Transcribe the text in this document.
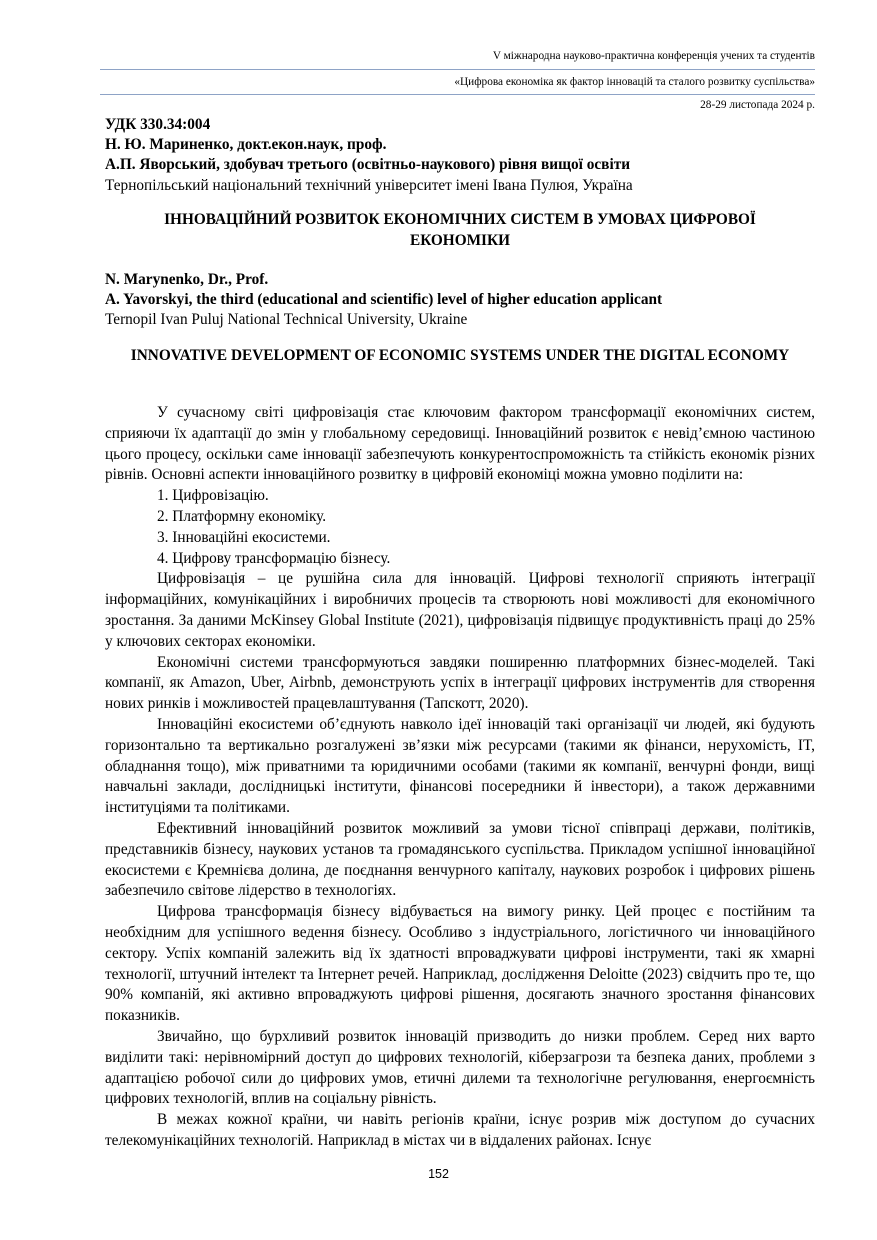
V міжнародна науково-практична конференція учених та студентів
«Цифрова економіка як фактор інновацій та сталого розвитку суспільства»
28-29 листопада 2024 р.
УДК 330.34:004
Н. Ю. Мариненко, докт.екон.наук, проф.
А.П. Яворський, здобувач третього (освітньо-наукового) рівня вищої освіти
Тернопільський національний технічний університет імені Івана Пулюя, Україна
ІННОВАЦІЙНИЙ РОЗВИТОК ЕКОНОМІЧНИХ СИСТЕМ В УМОВАХ ЦИФРОВОЇ ЕКОНОМІКИ
N. Marynenko, Dr., Prof.
A. Yavorskyi, the third (educational and scientific) level of higher education applicant
Ternopil Ivan Puluj National Technical University, Ukraine
INNOVATIVE DEVELOPMENT OF ECONOMIC SYSTEMS UNDER THE DIGITAL ECONOMY

У сучасному світі цифровізація стає ключовим фактором трансформації економічних систем, сприяючи їх адаптації до змін у глобальному середовищі. Інноваційний розвиток є невід’ємною частиною цього процесу, оскільки саме інновації забезпечують конкурентоспроможність та стійкість економік різних рівнів. Основні аспекти інноваційного розвитку в цифровій економіці можна умовно поділити на:

1. Цифровізацію.
2. Платформну економіку.
3. Інноваційні екосистеми.
4. Цифрову трансформацію бізнесу.

Цифровізація – це рушійна сила для інновацій. Цифрові технології сприяють інтеграції інформаційних, комунікаційних і виробничих процесів та створюють нові можливості для економічного зростання. За даними McKinsey Global Institute (2021), цифровізація підвищує продуктивність праці до 25% у ключових секторах економіки.

Економічні системи трансформуються завдяки поширенню платформних бізнес-моделей. Такі компанії, як Amazon, Uber, Airbnb, демонструють успіх в інтеграції цифрових інструментів для створення нових ринків і можливостей працевлаштування (Тапскотт, 2020).

Інноваційні екосистеми об’єднують навколо ідеї інновацій такі організації чи людей, які будують горизонтально та вертикально розгалужені зв’язки між ресурсами (такими як фінанси, нерухомість, IT, обладнання тощо), між приватними та юридичними особами (такими як компанії, венчурні фонди, вищі навчальні заклади, дослідницькі інститути, фінансові посередники й інвестори), а також державними інституціями та політиками.

Ефективний інноваційний розвиток можливий за умови тісної співпраці держави, політиків, представників бізнесу, наукових установ та громадянського суспільства. Прикладом успішної інноваційної екосистеми є Кремнієва долина, де поєднання венчурного капіталу, наукових розробок і цифрових рішень забезпечило світове лідерство в технологіях.

Цифрова трансформація бізнесу відбувається на вимогу ринку. Цей процес є постійним та необхідним для успішного ведення бізнесу. Особливо з індустріального, логістичного чи інноваційного сектору. Успіх компаній залежить від їх здатності впроваджувати цифрові інструменти, такі як хмарні технології, штучний інтелект та Інтернет речей. Наприклад, дослідження Deloitte (2023) свідчить про те, що 90% компаній, які активно впроваджують цифрові рішення, досягають значного зростання фінансових показників.

Звичайно, що бурхливий розвиток інновацій призводить до низки проблем. Серед них варто виділити такі: нерівномірний доступ до цифрових технологій, кіберзагрози та безпека даних, проблеми з адаптацією робочої сили до цифрових умов, етичні дилеми та технологічне регулювання, енергоємність цифрових технологій, вплив на соціальну рівність.

В межах кожної країни, чи навіть регіонів країни, існує розрив між доступом до сучасних телекомунікаційних технологій. Наприклад в містах чи в віддалених районах. Існує

152
